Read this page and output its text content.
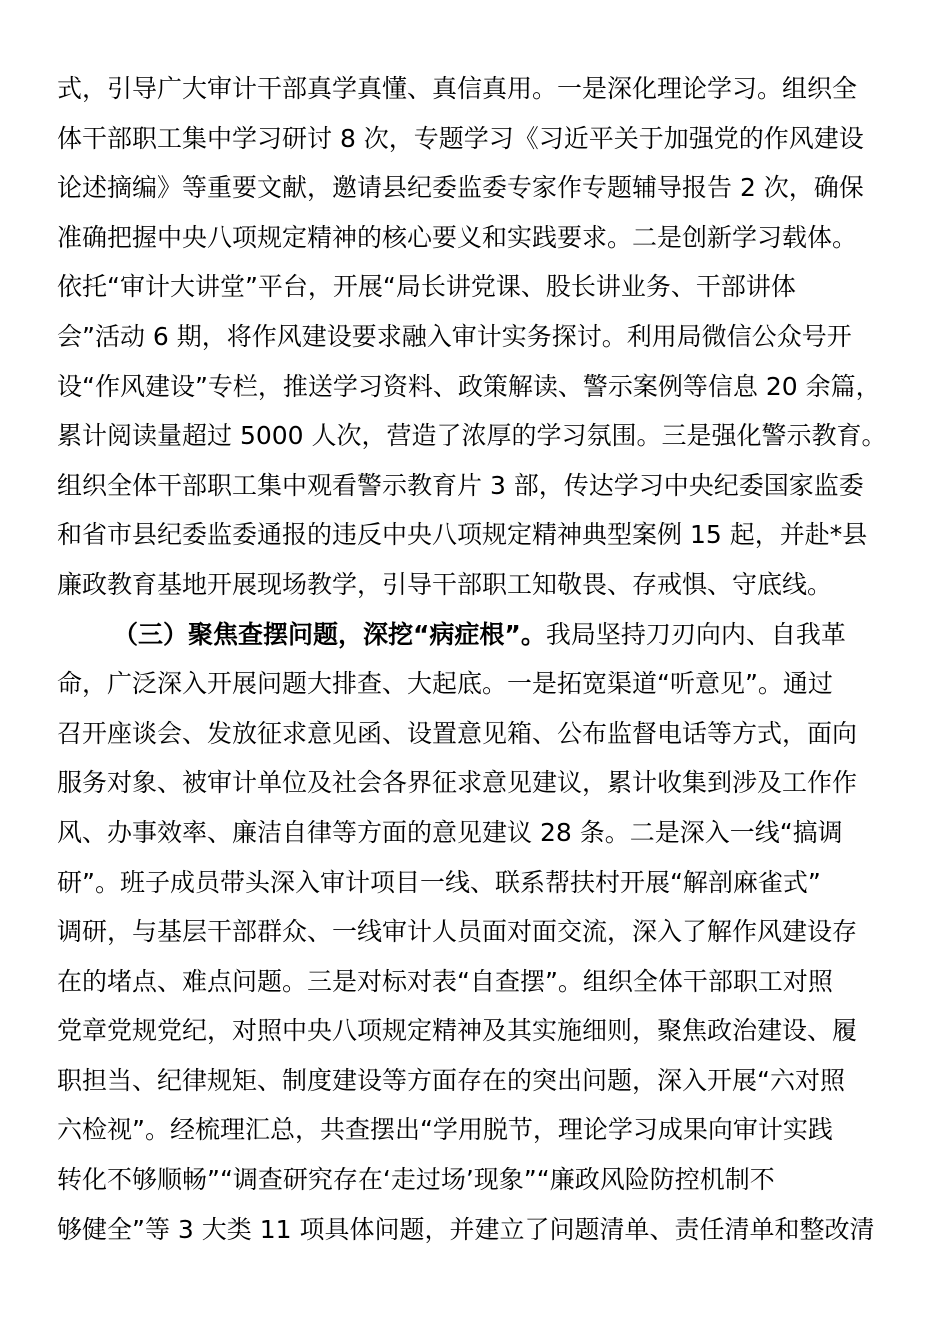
式，引导广大审计干部真学真懂、真信真用。一是深化理论学习。组织全
体干部职工集中学习研讨 8 次，专题学习《习近平关于加强党的作风建设
论述摘编》等重要文献，邀请县纪委监委专家作专题辅导报告 2 次，确保
准确把握中央八项规定精神的核心要义和实践要求。二是创新学习载体。
依托“审计大讲堂”平台，开展“局长讲党课、股长讲业务、干部讲体
会”活动 6 期，将作风建设要求融入审计实务探讨。利用局微信公众号开
设“作风建设”专栏，推送学习资料、政策解读、警示案例等信息 20 余篇，
累计阅读量超过 5000 人次，营造了浓厚的学习氛围。三是强化警示教育。
组织全体干部职工集中观看警示教育片 3 部，传达学习中央纪委国家监委
和省市县纪委监委通报的违反中央八项规定精神典型案例 15 起，并赴*县
廉政教育基地开展现场教学，引导干部职工知敬畏、存戒惧、守底线。
（三）聚焦查摆问题，深挖“病症根”。我局坚持刀刃向内、自我革
命，广泛深入开展问题大排查、大起底。一是拓宽渠道“听意见”。通过
召开座谈会、发放征求意见函、设置意见箱、公布监督电话等方式，面向
服务对象、被审计单位及社会各界征求意见建议，累计收集到涉及工作作
风、办事效率、廉洁自律等方面的意见建议 28 条。二是深入一线“搞调
研”。班子成员带头深入审计项目一线、联系帮扶村开展“解剖麻雀式”
调研，与基层干部群众、一线审计人员面对面交流，深入了解作风建设存
在的堵点、难点问题。三是对标对表“自查摆”。组织全体干部职工对照
党章党规党纪，对照中央八项规定精神及其实施细则，聚焦政治建设、履
职担当、纪律规矩、制度建设等方面存在的突出问题，深入开展“六对照
六检视”。经梳理汇总，共查摆出“学用脱节，理论学习成果向审计实践
转化不够顺畅”“调查研究存在‘走过场’现象”“廉政风险防控机制不
够健全”等 3 大类 11 项具体问题，并建立了问题清单、责任清单和整改清
